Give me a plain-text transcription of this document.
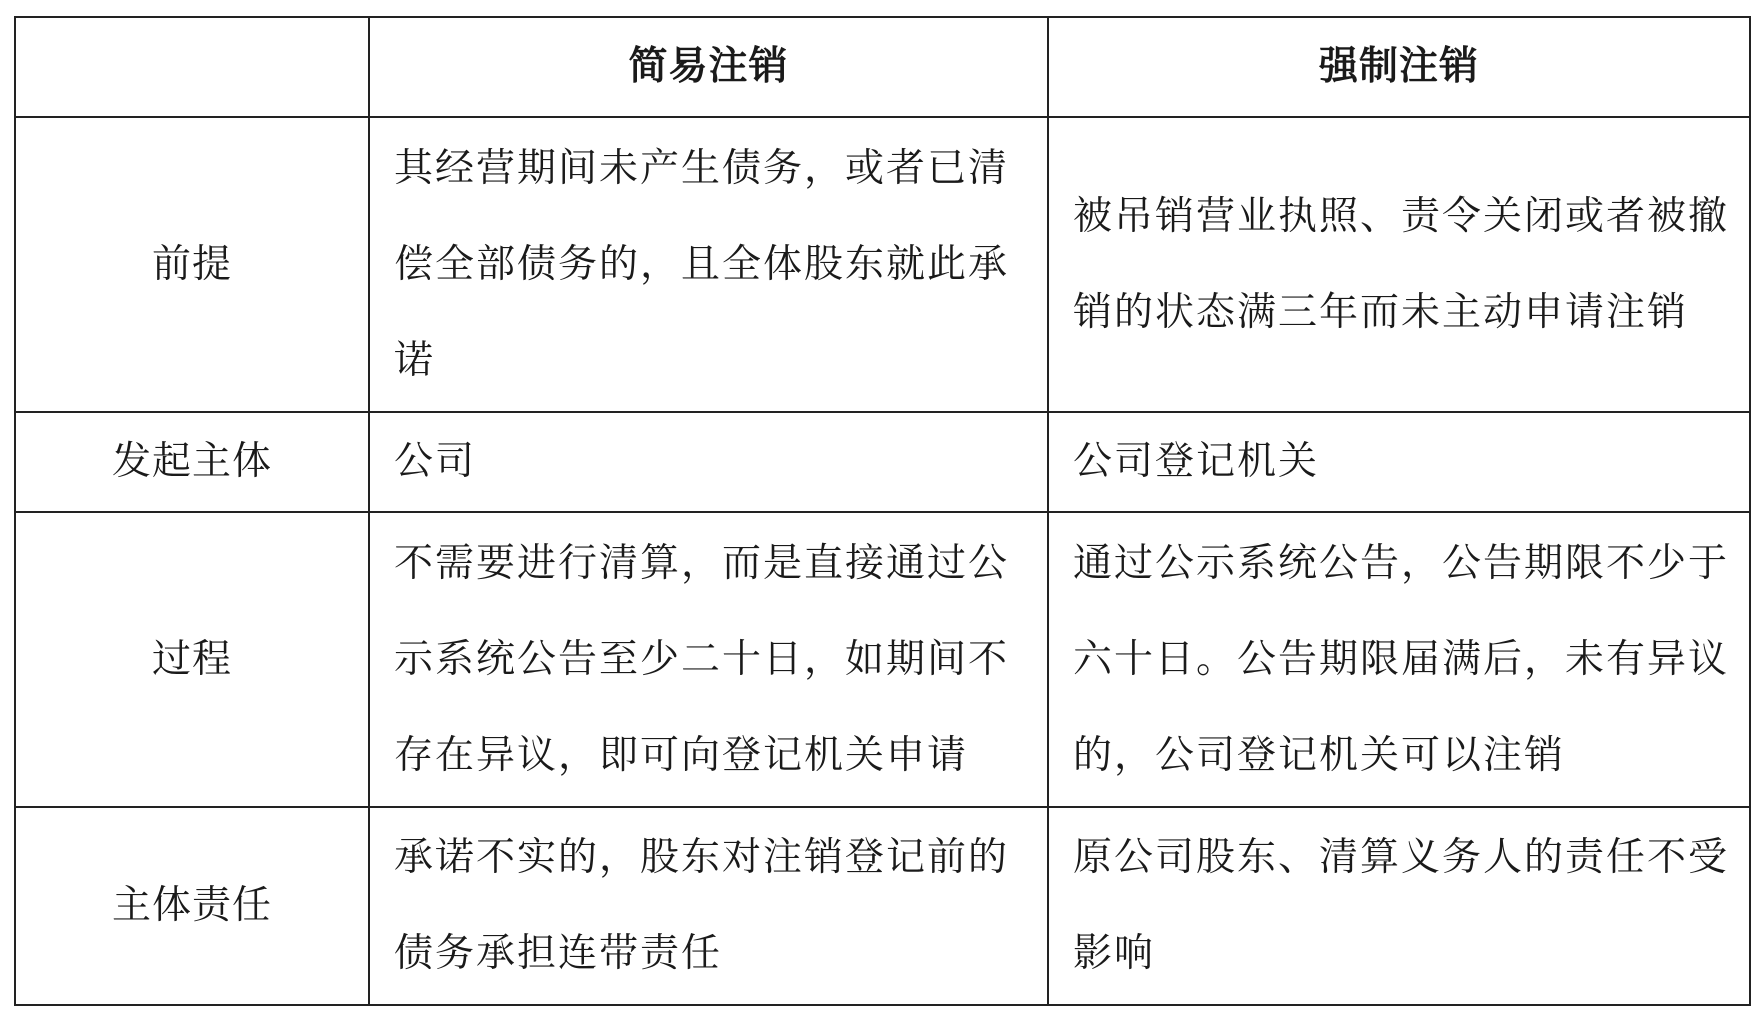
	简易注销	强制注销
前提	其经营期间未产生债务，或者已清偿全部债务的，且全体股东就此承诺	被吊销营业执照、责令关闭或者被撤销的状态满三年而未主动申请注销
发起主体	公司	公司登记机关
过程	不需要进行清算，而是直接通过公示系统公告至少二十日，如期间不存在异议，即可向登记机关申请	通过公示系统公告，公告期限不少于六十日。公告期限届满后，未有异议的，公司登记机关可以注销
主体责任	承诺不实的，股东对注销登记前的债务承担连带责任	原公司股东、清算义务人的责任不受影响
